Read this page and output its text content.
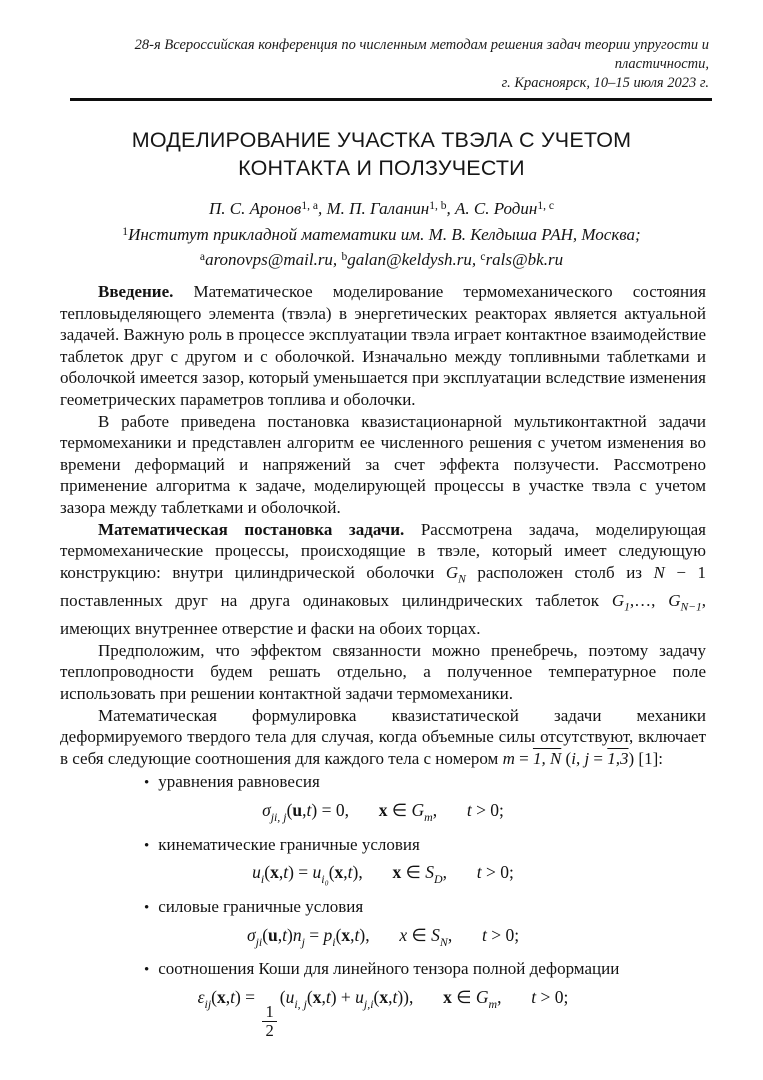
28-я Всероссийская конференция по численным методам решения задач теории упругости и пластичности,
г. Красноярск, 10–15 июля 2023 г.
МОДЕЛИРОВАНИЕ УЧАСТКА ТВЭЛА С УЧЕТОМ
КОНТАКТА И ПОЛЗУЧЕСТИ
П. С. Аронов$^{1, a}$, М. П. Галанин$^{1, b}$, А. С. Родин$^{1, c}$
$^1$Институт прикладной математики им. М. В. Келдыша РАН, Москва;
$^a$aronovps@mail.ru, $^b$galan@keldysh.ru, $^c$rals@bk.ru

Введение. Математическое моделирование термомеханического состояния тепловыделяющего элемента (твэла) в энергетических реакторах является актуальной задачей. Важную роль в процессе эксплуатации твэла играет контактное взаимодействие таблеток друг с другом и с оболочкой. Изначально между топливными таблетками и оболочкой имеется зазор, который уменьшается при эксплуатации вследствие изменения геометрических параметров топлива и оболочки.

В работе приведена постановка квазистационарной мультиконтактной задачи термомеханики и представлен алгоритм ее численного решения с учетом изменения во времени деформаций и напряжений за счет эффекта ползучести. Рассмотрено применение алгоритма к задаче, моделирующей процессы в участке твэла с учетом зазора между таблетками и оболочкой.

Математическая постановка задачи. Рассмотрена задача, моделирующая термомеханические процессы, происходящие в твэле, который имеет следующую конструкцию: внутри цилиндрической оболочки $G_N$ расположен столб из N − 1 поставленных друг на друга одинаковых цилиндрических таблеток $G_1,\dots$, $G_{N-1}$, имеющих внутреннее отверстие и фаски на обоих торцах.

Предположим, что эффектом связанности можно пренебречь, поэтому задачу теплопроводности будем решать отдельно, а полученное температурное поле использовать при решении контактной задачи термомеханики.

Математическая формулировка квазистатической задачи механики деформируемого твердого тела для случая, когда объемные силы отсутствуют, включает в себя следующие соотношения для каждого тела с номером m = 1, N (i, j = 1,3) [1]:

• уравнения равновесия
$\sigma_{ji, j}(u,t) = 0$, x ∈ $G_m$, t > 0;
• кинематические граничные условия
$u_i(x,t) = u_{i_0}(x,t)$, x ∈ $S_D$, t > 0;
• силовые граничные условия
$\sigma_{ji}(u,t)n_j = p_i(x,t)$, x ∈ $S_N$, t > 0;
• соотношения Коши для линейного тензора полной деформации
$\varepsilon_{ij}(x,t)$ =
$\frac{1}{2}$
$(u_{i, j}(x,t) + u_{j,i}(x,t))$, x ∈ $G_m$, t > 0;
